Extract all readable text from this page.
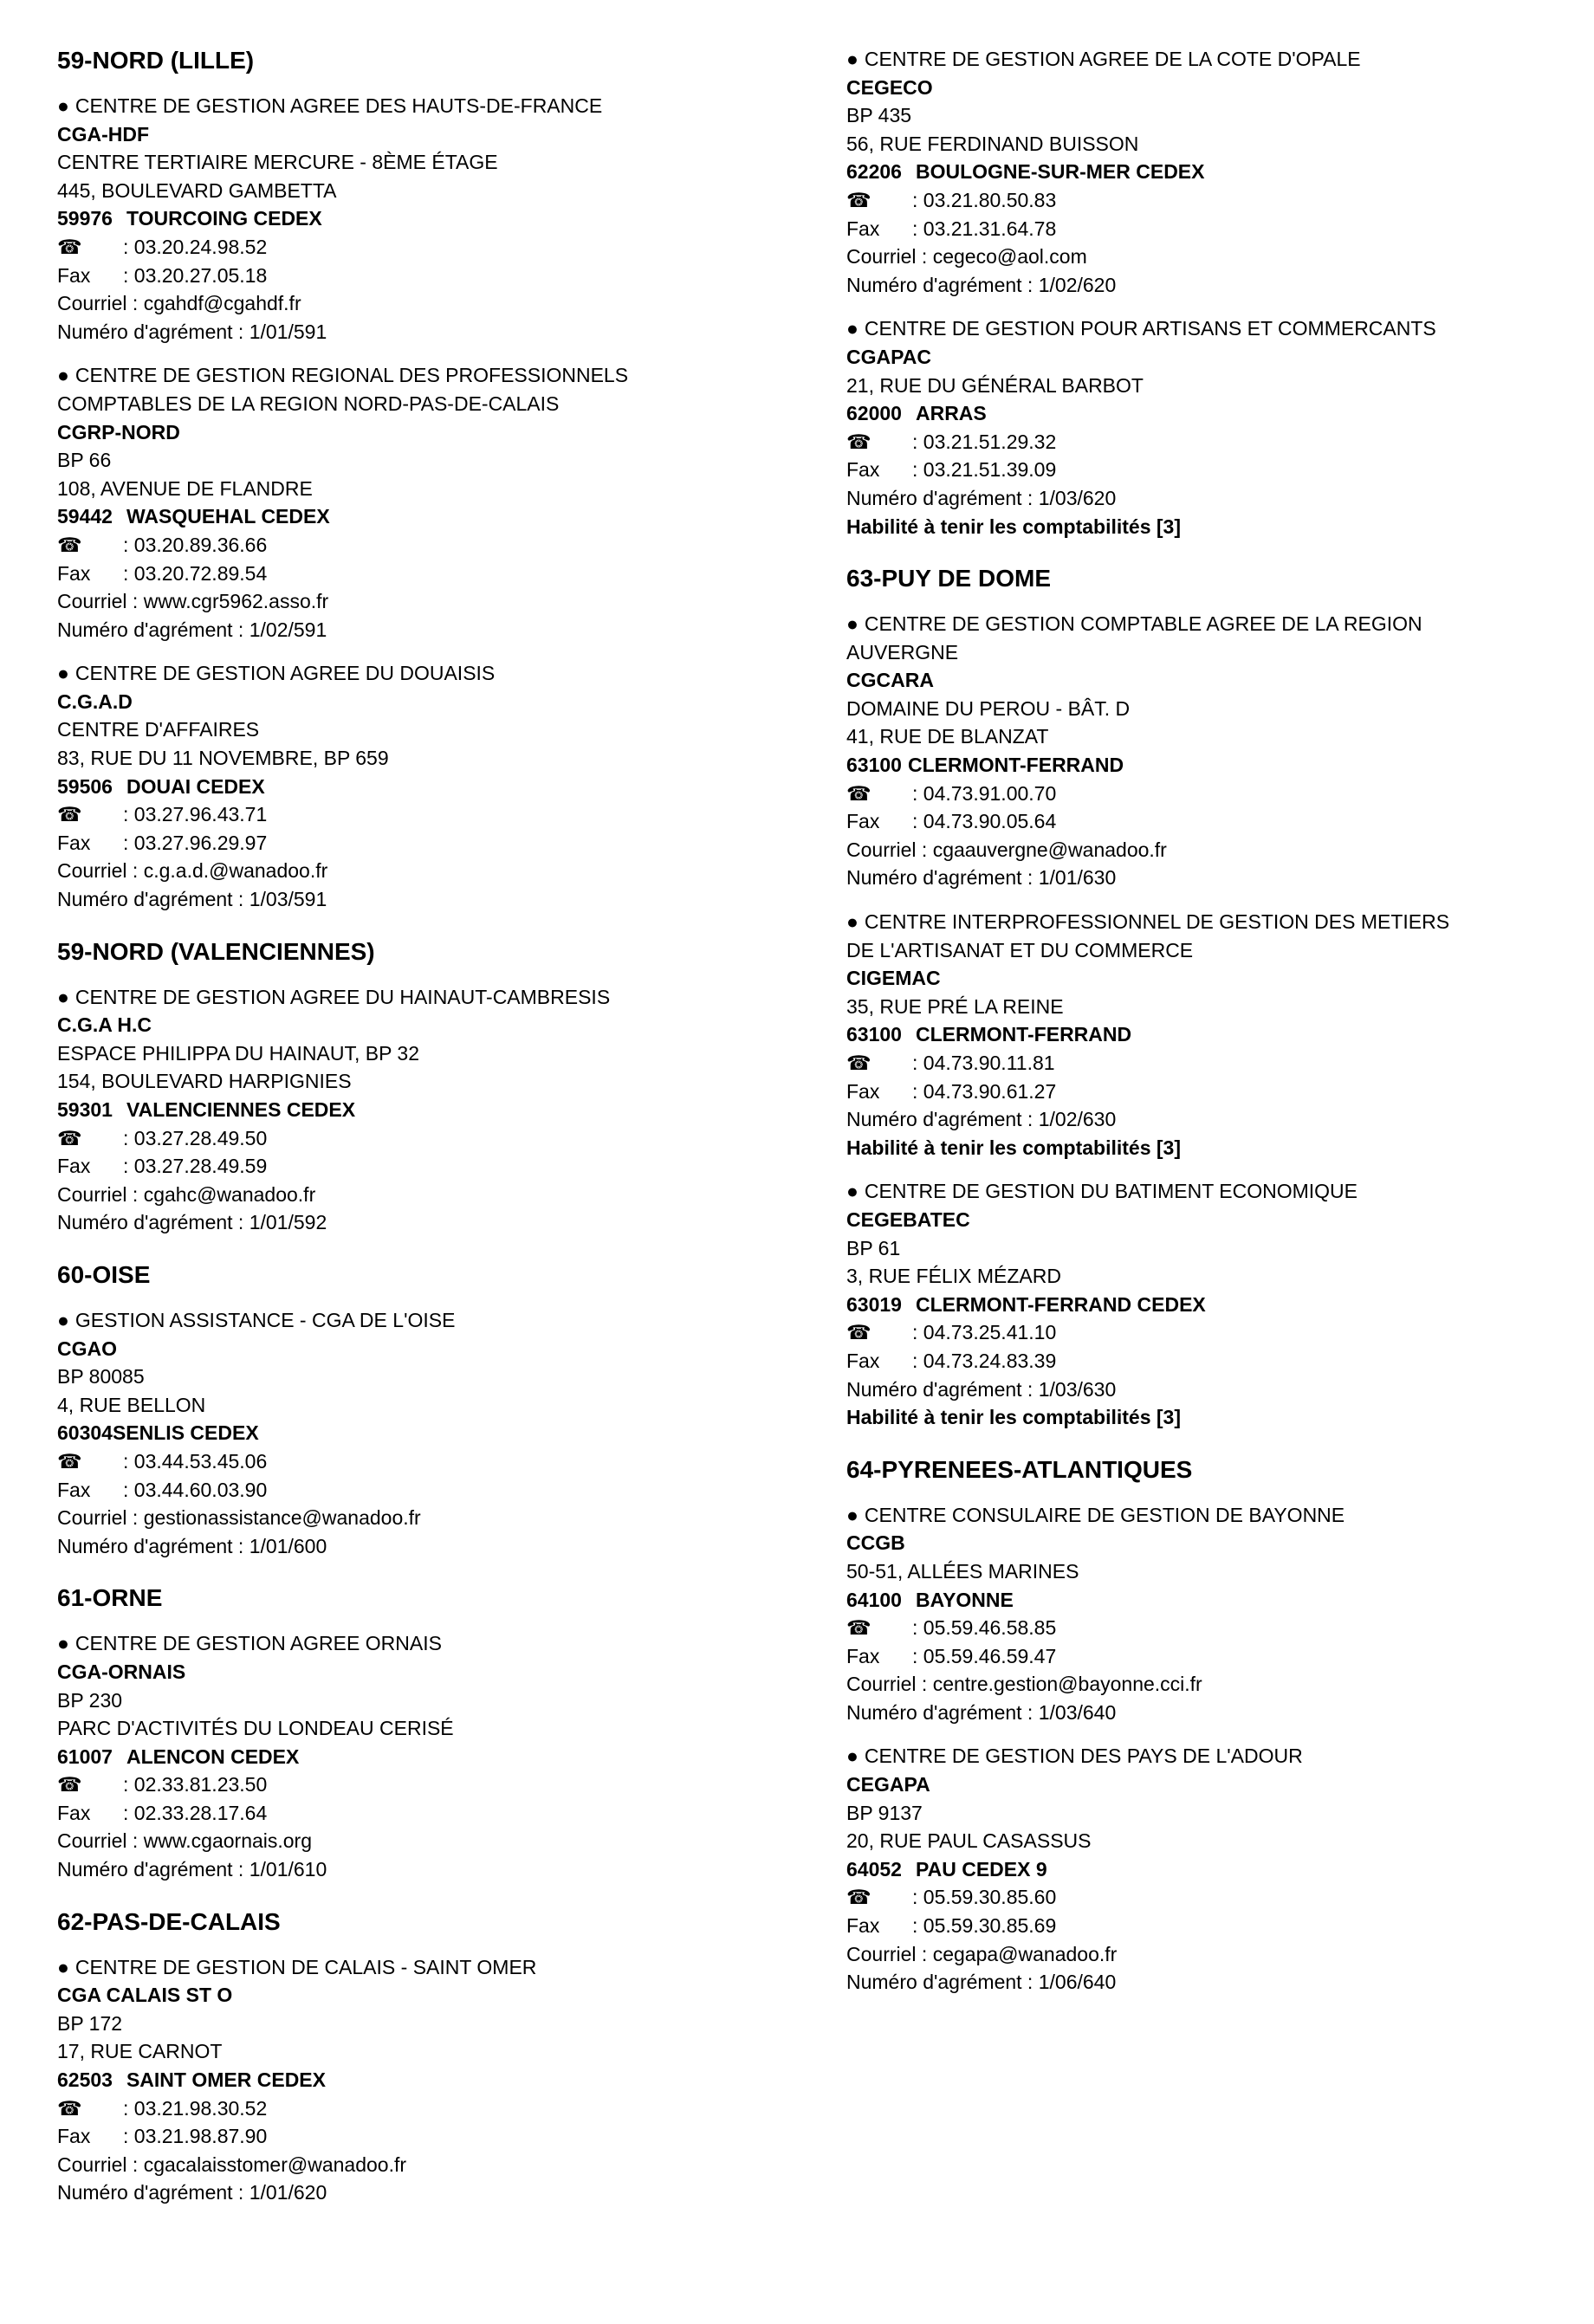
59-NORD (LILLE)
● CENTRE DE GESTION AGREE DES HAUTS-DE-FRANCE
CGA-HDF
CENTRE TERTIAIRE MERCURE - 8ÈME ÉTAGE
445, BOULEVARD GAMBETTA
59976 TOURCOING CEDEX
☎ : 03.20.24.98.52
Fax : 03.20.27.05.18
Courriel : cgahdf@cgahdf.fr
Numéro d'agrément : 1/01/591
● CENTRE DE GESTION REGIONAL DES PROFESSIONNELS
COMPTABLES DE LA REGION NORD-PAS-DE-CALAIS
CGRP-NORD
BP 66
108, AVENUE DE FLANDRE
59442 WASQUEHAL CEDEX
☎ : 03.20.89.36.66
Fax : 03.20.72.89.54
Courriel : www.cgr5962.asso.fr
Numéro d'agrément : 1/02/591
● CENTRE DE GESTION AGREE DU DOUAISIS
C.G.A.D
CENTRE D'AFFAIRES
83, RUE DU 11 NOVEMBRE, BP 659
59506 DOUAI CEDEX
☎ : 03.27.96.43.71
Fax : 03.27.96.29.97
Courriel : c.g.a.d.@wanadoo.fr
Numéro d'agrément : 1/03/591
59-NORD (VALENCIENNES)
● CENTRE DE GESTION AGREE DU HAINAUT-CAMBRESIS
C.G.A H.C
ESPACE PHILIPPA DU HAINAUT, BP 32
154, BOULEVARD HARPIGNIES
59301 VALENCIENNES CEDEX
☎ : 03.27.28.49.50
Fax : 03.27.28.49.59
Courriel : cgahc@wanadoo.fr
Numéro d'agrément : 1/01/592
60-OISE
● GESTION ASSISTANCE - CGA DE L'OISE
CGAO
BP 80085
4, RUE BELLON
60304SENLIS CEDEX
☎ : 03.44.53.45.06
Fax : 03.44.60.03.90
Courriel : gestionassistance@wanadoo.fr
Numéro d'agrément : 1/01/600
61-ORNE
● CENTRE DE GESTION AGREE ORNAIS
CGA-ORNAIS
BP 230
PARC D'ACTIVITÉS DU LONDEAU CERISÉ
61007 ALENCON CEDEX
☎ : 02.33.81.23.50
Fax : 02.33.28.17.64
Courriel : www.cgaornais.org
Numéro d'agrément : 1/01/610
62-PAS-DE-CALAIS
● CENTRE DE GESTION DE CALAIS - SAINT OMER
CGA CALAIS ST O
BP 172
17, RUE CARNOT
62503 SAINT OMER CEDEX
☎ : 03.21.98.30.52
Fax : 03.21.98.87.90
Courriel : cgacalaisstomer@wanadoo.fr
Numéro d'agrément : 1/01/620
● CENTRE DE GESTION AGREE DE LA COTE D'OPALE
CEGECO
BP 435
56, RUE FERDINAND BUISSON
62206 BOULOGNE-SUR-MER CEDEX
☎ : 03.21.80.50.83
Fax : 03.21.31.64.78
Courriel : cegeco@aol.com
Numéro d'agrément : 1/02/620
● CENTRE DE GESTION POUR ARTISANS ET COMMERCANTS
CGAPAC
21, RUE DU GÉNÉRAL BARBOT
62000 ARRAS
☎ : 03.21.51.29.32
Fax : 03.21.51.39.09
Numéro d'agrément : 1/03/620
Habilité à tenir les comptabilités [3]
63-PUY DE DOME
● CENTRE DE GESTION COMPTABLE AGREE DE LA REGION
AUVERGNE
CGCARA
DOMAINE DU PEROU - BÂT. D
41, RUE DE BLANZAT
63100 CLERMONT-FERRAND
☎ : 04.73.91.00.70
Fax : 04.73.90.05.64
Courriel : cgaauvergne@wanadoo.fr
Numéro d'agrément : 1/01/630
● CENTRE INTERPROFESSIONNEL DE GESTION DES METIERS
DE L'ARTISANAT ET DU COMMERCE
CIGEMAC
35, RUE PRÉ LA REINE
63100 CLERMONT-FERRAND
☎ : 04.73.90.11.81
Fax : 04.73.90.61.27
Numéro d'agrément : 1/02/630
Habilité à tenir les comptabilités [3]
● CENTRE DE GESTION DU BATIMENT ECONOMIQUE
CEGEBATEC
BP 61
3, RUE FÉLIX MÉZARD
63019 CLERMONT-FERRAND CEDEX
☎ : 04.73.25.41.10
Fax : 04.73.24.83.39
Numéro d'agrément : 1/03/630
Habilité à tenir les comptabilités [3]
64-PYRENEES-ATLANTIQUES
● CENTRE CONSULAIRE DE GESTION DE BAYONNE
CCGB
50-51, ALLÉES MARINES
64100 BAYONNE
☎ : 05.59.46.58.85
Fax : 05.59.46.59.47
Courriel : centre.gestion@bayonne.cci.fr
Numéro d'agrément : 1/03/640
● CENTRE DE GESTION DES PAYS DE L'ADOUR
CEGAPA
BP 9137
20, RUE PAUL CASASSUS
64052 PAU CEDEX 9
☎ : 05.59.30.85.60
Fax : 05.59.30.85.69
Courriel : cegapa@wanadoo.fr
Numéro d'agrément : 1/06/640
